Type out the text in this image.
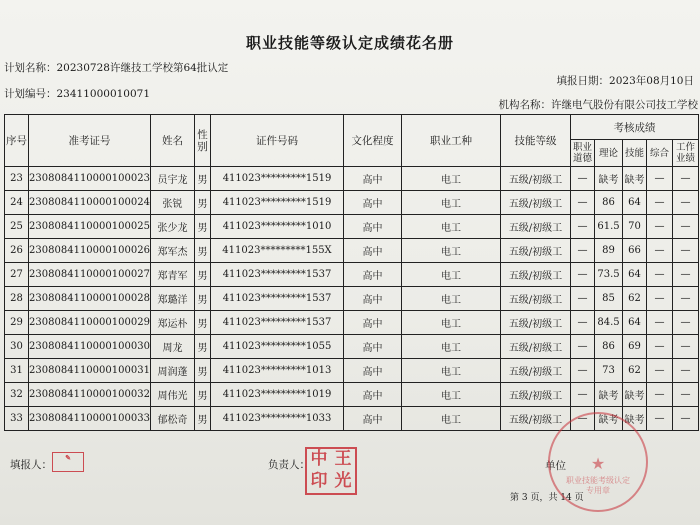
职业技能等级认定成绩花名册
计划名称：20230728许继技工学校第64批认定
填报日期：2023年08月10日
计划编号：23411000010071
机构名称：许继电气股份有限公司技工学校
序号	准考证号	姓名	性别	证件号码	文化程度	职业工种	技能等级	考核成绩				
								职业道德	理论	技能	综合	工作业绩
23	2308084110000100023	员宇龙	男	411023*********1519	高中	电工	五级/初级工	—	缺考	缺考	—	—
24	2308084110000100024	张锐	男	411023*********1519	高中	电工	五级/初级工	—	86	64	—	—
25	2308084110000100025	张少龙	男	411023*********1010	高中	电工	五级/初级工	—	61.5	70	—	—
26	2308084110000100026	郑军杰	男	411023*********155X	高中	电工	五级/初级工	—	89	66	—	—
27	2308084110000100027	郑青军	男	411023*********1537	高中	电工	五级/初级工	—	73.5	64	—	—
28	2308084110000100028	郑璐洋	男	411023*********1537	高中	电工	五级/初级工	—	85	62	—	—
29	2308084110000100029	郑运朴	男	411023*********1537	高中	电工	五级/初级工	—	84.5	64	—	—
30	2308084110000100030	周龙	男	411023*********1055	高中	电工	五级/初级工	—	86	69	—	—
31	2308084110000100031	周润蓬	男	411023*********1013	高中	电工	五级/初级工	—	73	62	—	—
32	2308084110000100032	周伟光	男	411023*********1019	高中	电工	五级/初级工	—	缺考	缺考	—	—
33	2308084110000100033	郁松奇	男	411023*********1033	高中	电工	五级/初级工	—	缺考	缺考	—	—
填报人：	负责人：	单位
第 3 页，共 14 页
✎	中 王
印 光
★
职业技能考级认定
专用章
